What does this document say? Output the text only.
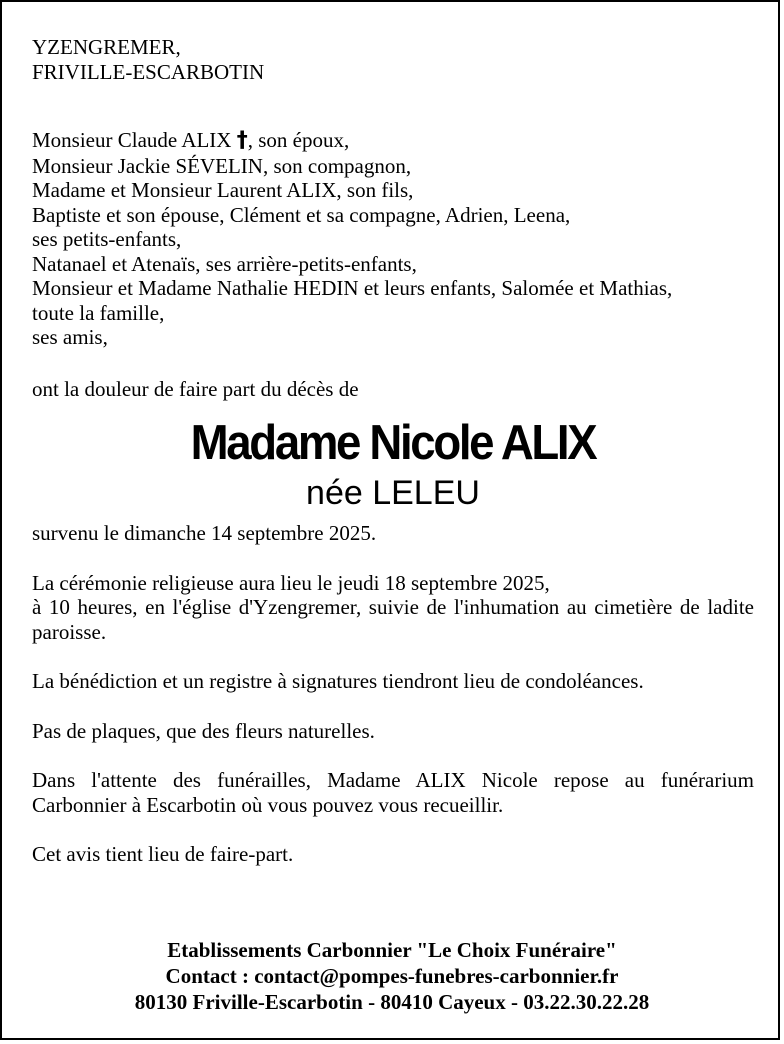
YZENGREMER,
FRIVILLE-ESCARBOTIN

Monsieur Claude ALIX †, son époux,
Monsieur Jackie SÉVELIN, son compagnon,
Madame et Monsieur Laurent ALIX, son fils,
Baptiste et son épouse, Clément et sa compagne, Adrien, Leena,
ses petits-enfants,
Natanael et Atenaïs, ses arrière-petits-enfants,
Monsieur et Madame Nathalie HEDIN et leurs enfants, Salomée et Mathias,
toute la famille,
ses amis,

ont la douleur de faire part du décès de

Madame Nicole ALIX
née LELEU

survenu le dimanche 14 septembre 2025.

La cérémonie religieuse aura lieu le jeudi 18 septembre 2025,
à 10 heures, en l'église d'Yzengremer, suivie de l'inhumation au cimetière de ladite paroisse.

La bénédiction et un registre à signatures tiendront lieu de condoléances.

Pas de plaques, que des fleurs naturelles.

Dans l'attente des funérailles, Madame ALIX Nicole repose au funérarium Carbonnier à Escarbotin où vous pouvez vous recueillir.

Cet avis tient lieu de faire-part.

Etablissements Carbonnier "Le Choix Funéraire"
Contact : contact@pompes-funebres-carbonnier.fr
80130 Friville-Escarbotin - 80410 Cayeux - 03.22.30.22.28
